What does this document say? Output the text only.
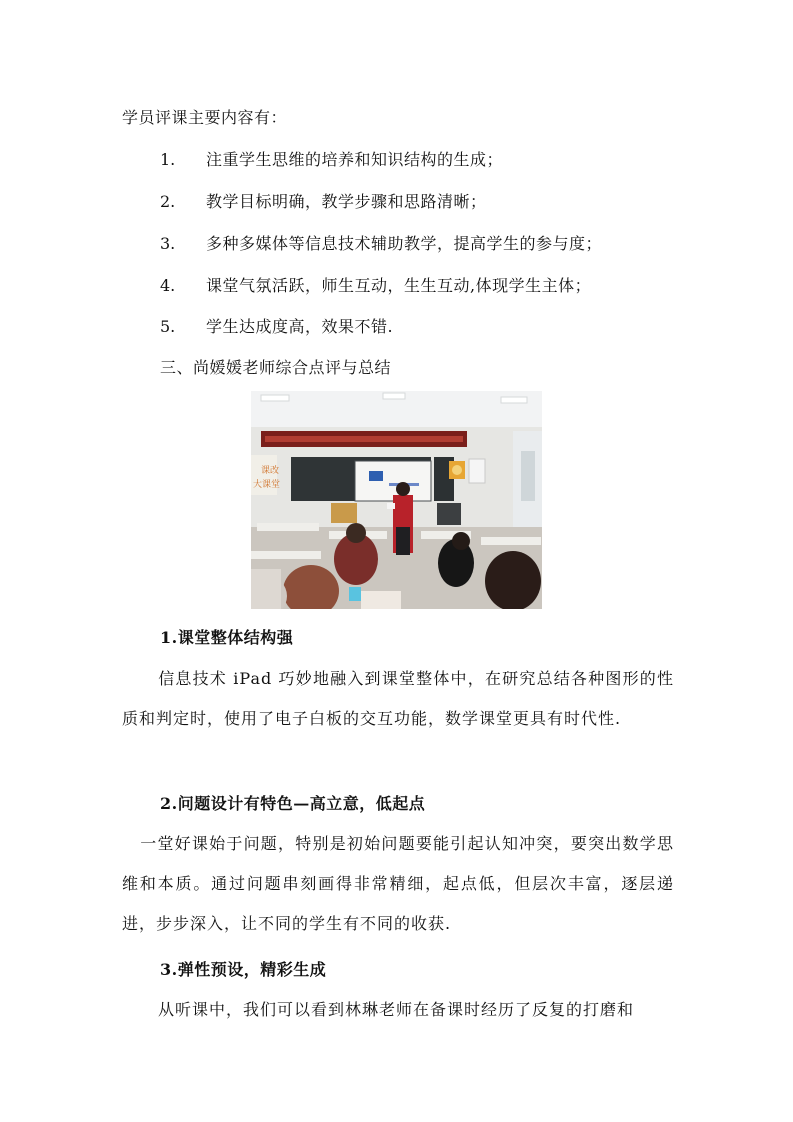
学员评课主要内容有：
1. 注重学生思维的培养和知识结构的生成；
2. 教学目标明确，教学步骤和思路清晰；
3. 多种多媒体等信息技术辅助教学，提高学生的参与度；
4. 课堂气氛活跃，师生互动，生生互动,体现学生主体；
5. 学生达成度高，效果不错.
三、尚媛媛老师综合点评与总结
课改
大课堂
1.课堂整体结构强
信息技术 iPad 巧妙地融入到课堂整体中，在研究总结各种图形的性质和判定时，使用了电子白板的交互功能，数学课堂更具有时代性.
2.问题设计有特色—高立意，低起点
一堂好课始于问题，特别是初始问题要能引起认知冲突，要突出数学思维和本质。通过问题串刻画得非常精细，起点低，但层次丰富，逐层递进，步步深入，让不同的学生有不同的收获.
3.弹性预设，精彩生成
从听课中，我们可以看到林琳老师在备课时经历了反复的打磨和
